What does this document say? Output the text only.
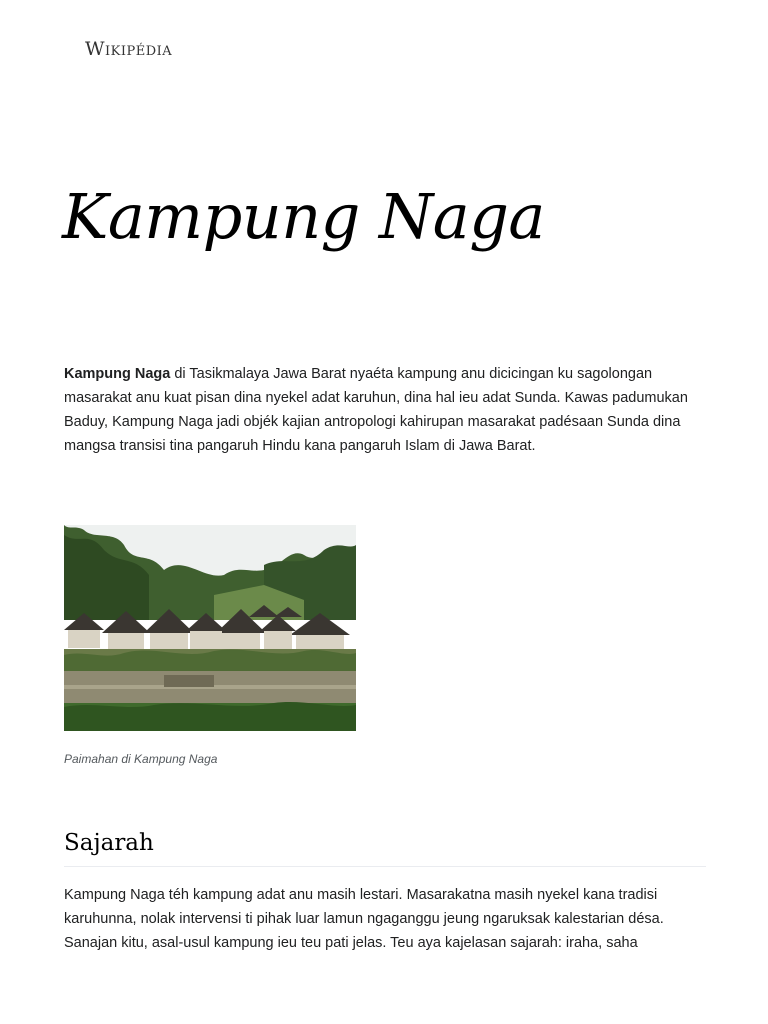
Wikipédia
Kampung Naga

Kampung Naga di Tasikmalaya Jawa Barat nyaéta kampung anu dicicingan ku sagolongan masarakat anu kuat pisan dina nyekel adat karuhun, dina hal ieu adat Sunda. Kawas padumukan Baduy, Kampung Naga jadi objék kajian antropologi kahirupan masarakat padésaan Sunda dina mangsa transisi tina pangaruh Hindu kana pangaruh Islam di Jawa Barat.

Paimahan di Kampung Naga

Sajarah

Kampung Naga téh kampung adat anu masih lestari. Masarakatna masih nyekel kana tradisi karuhunna, nolak intervensi ti pihak luar lamun ngaganggu jeung ngaruksak kalestarian désa. Sanajan kitu, asal-usul kampung ieu teu pati jelas. Teu aya kajelasan sajarah: iraha, saha
